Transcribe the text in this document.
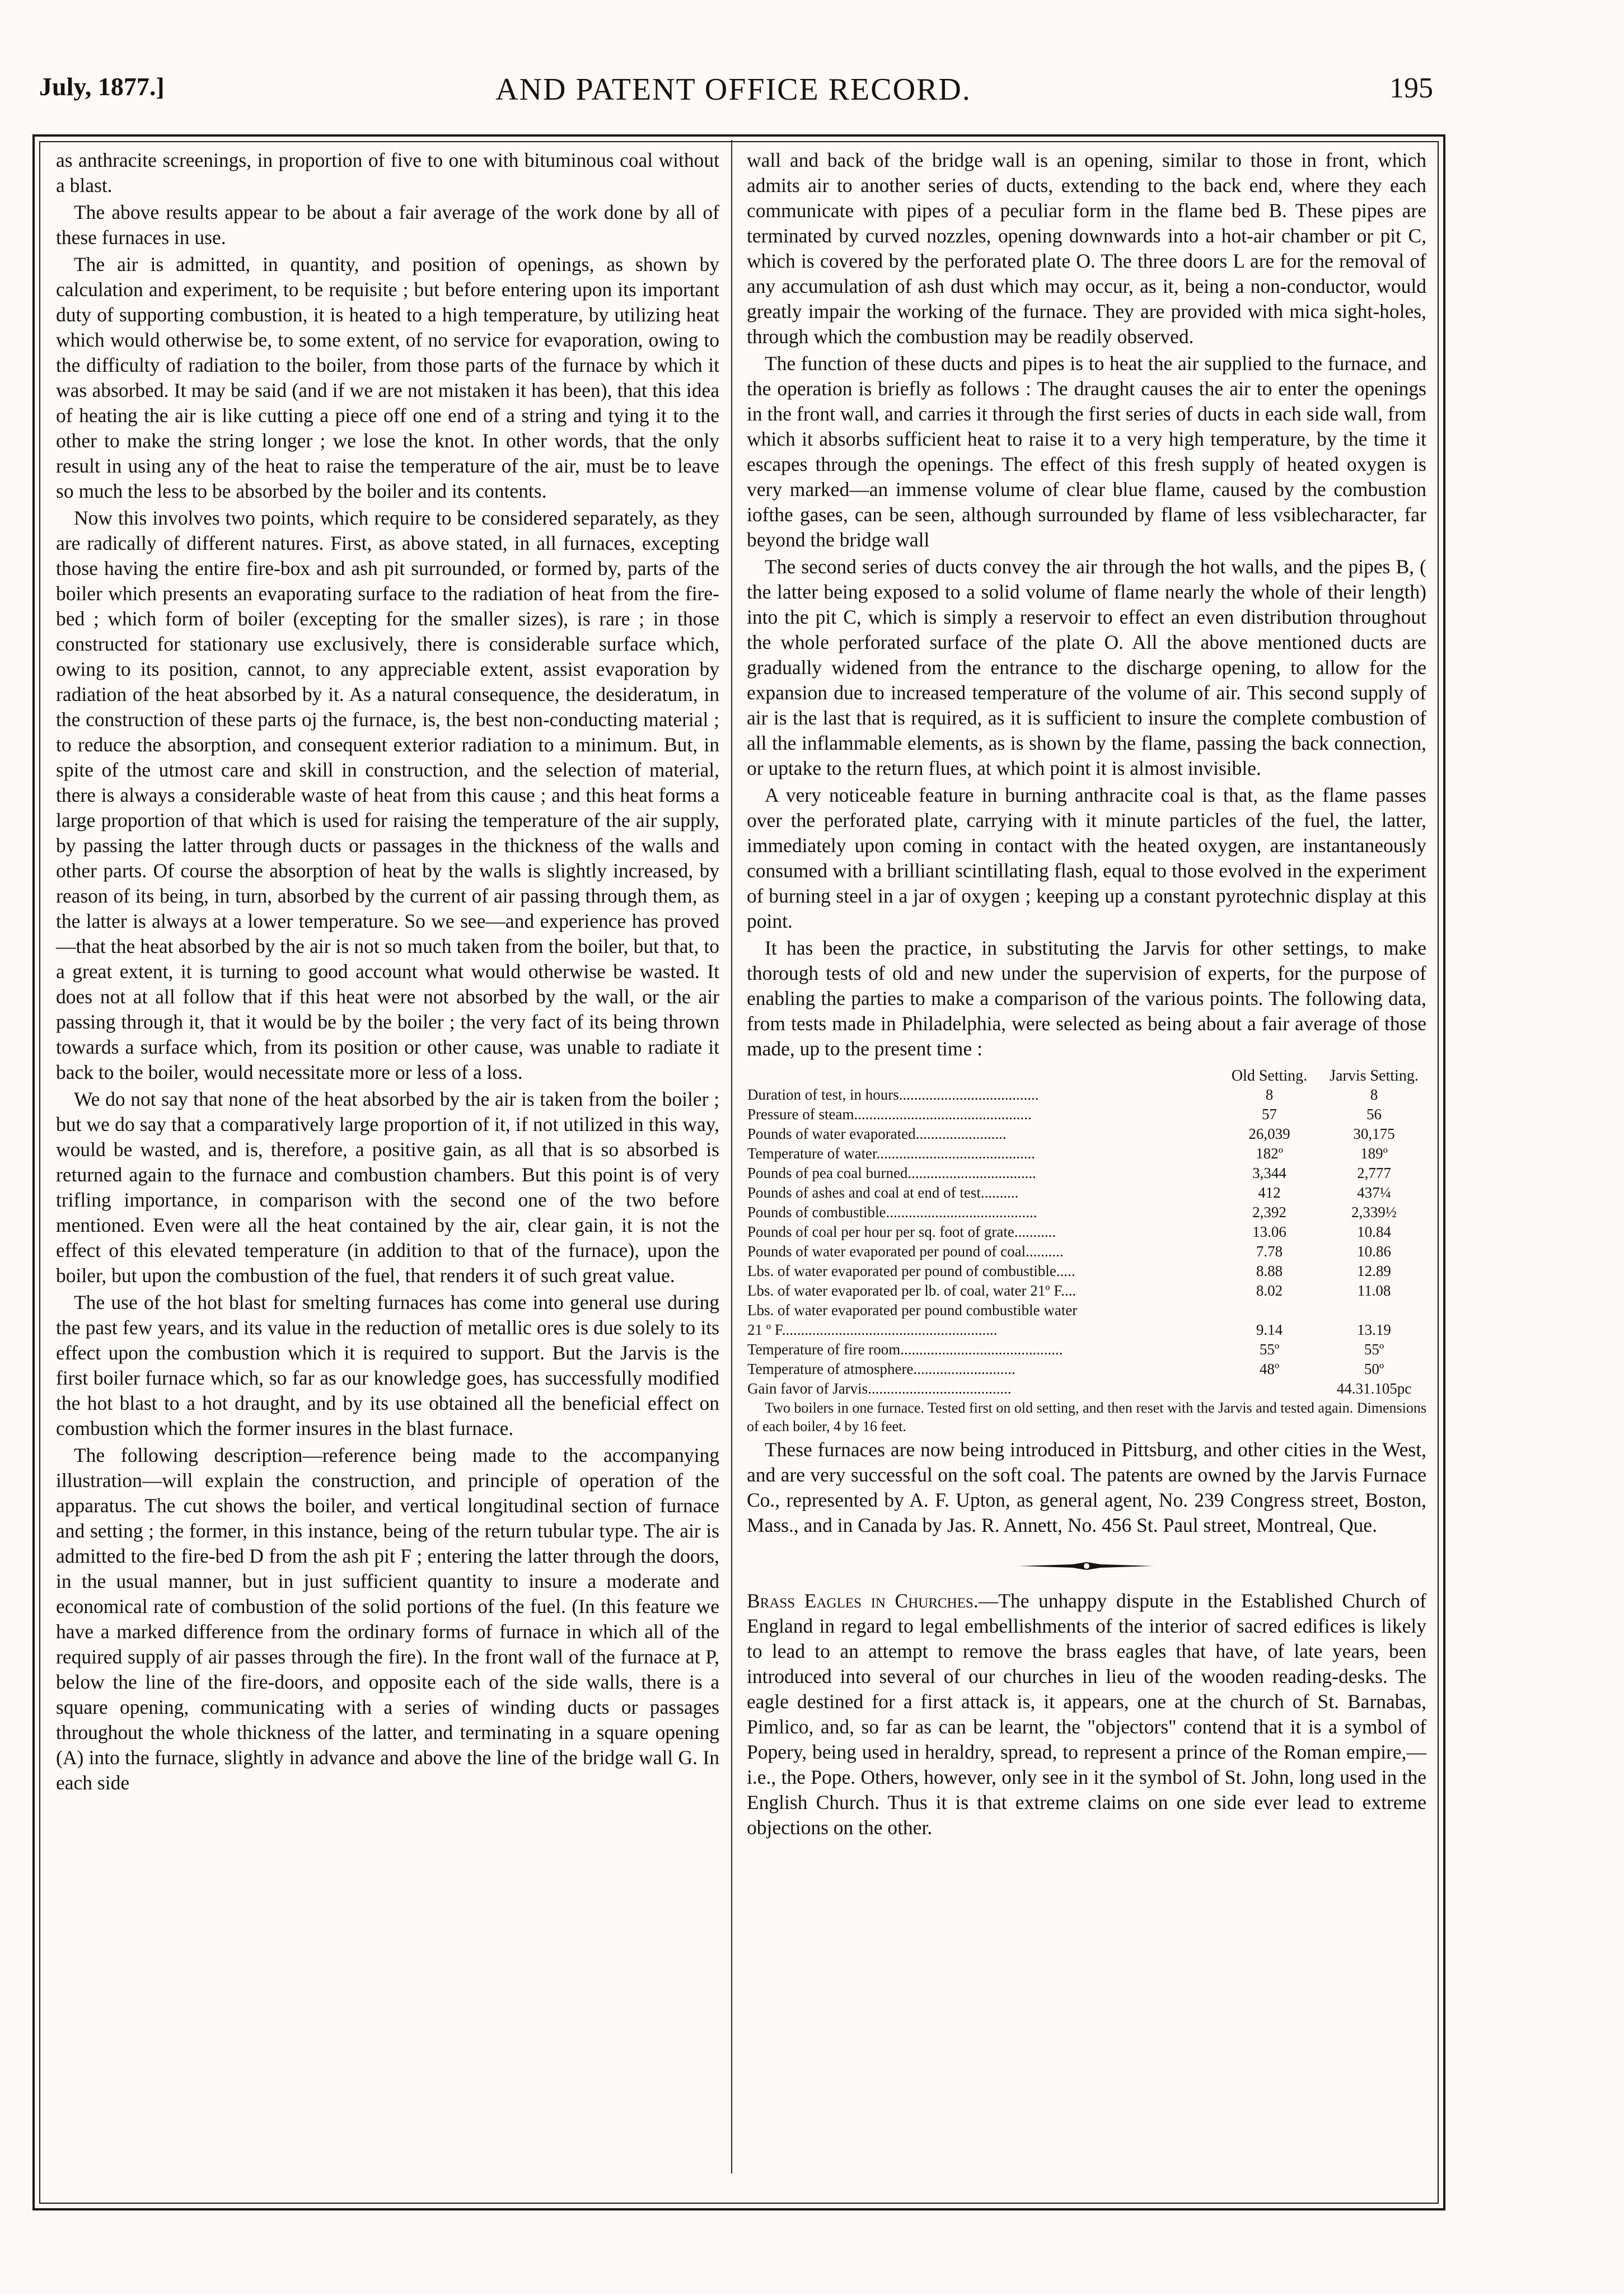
July, 1877.]	AND PATENT OFFICE RECORD.	195

as anthracite screenings, in proportion of five to one with bituminous coal without a blast.

The above results appear to be about a fair average of the work done by all of these furnaces in use.

The air is admitted, in quantity, and position of openings, as shown by calculation and experiment, to be requisite ; but before entering upon its important duty of supporting combustion, it is heated to a high temperature, by utilizing heat which would otherwise be, to some extent, of no service for evaporation, owing to the difficulty of radiation to the boiler, from those parts of the furnace by which it was absorbed. It may be said (and if we are not mistaken it has been), that this idea of heating the air is like cutting a piece off one end of a string and tying it to the other to make the string longer ; we lose the knot. In other words, that the only result in using any of the heat to raise the temperature of the air, must be to leave so much the less to be absorbed by the boiler and its contents.

Now this involves two points, which require to be considered separately, as they are radically of different natures. First, as above stated, in all furnaces, excepting those having the entire fire-box and ash pit surrounded, or formed by, parts of the boiler which presents an evaporating surface to the radiation of heat from the fire-bed ; which form of boiler (excepting for the smaller sizes), is rare ; in those constructed for stationary use exclusively, there is considerable surface which, owing to its position, cannot, to any appreciable extent, assist evaporation by radiation of the heat absorbed by it. As a natural consequence, the desideratum, in the construction of these parts oj the furnace, is, the best non-conducting material ; to reduce the absorption, and consequent exterior radiation to a minimum. But, in spite of the utmost care and skill in construction, and the selection of material, there is always a considerable waste of heat from this cause ; and this heat forms a large proportion of that which is used for raising the temperature of the air supply, by passing the latter through ducts or passages in the thickness of the walls and other parts. Of course the absorption of heat by the walls is slightly increased, by reason of its being, in turn, absorbed by the current of air passing through them, as the latter is always at a lower temperature. So we see—and experience has proved—that the heat absorbed by the air is not so much taken from the boiler, but that, to a great extent, it is turning to good account what would otherwise be wasted. It does not at all follow that if this heat were not absorbed by the wall, or the air passing through it, that it would be by the boiler ; the very fact of its being thrown towards a surface which, from its position or other cause, was unable to radiate it back to the boiler, would necessitate more or less of a loss.

We do not say that none of the heat absorbed by the air is taken from the boiler ; but we do say that a comparatively large proportion of it, if not utilized in this way, would be wasted, and is, therefore, a positive gain, as all that is so absorbed is returned again to the furnace and combustion chambers. But this point is of very trifling importance, in comparison with the second one of the two before mentioned. Even were all the heat contained by the air, clear gain, it is not the effect of this elevated temperature (in addition to that of the furnace), upon the boiler, but upon the combustion of the fuel, that renders it of such great value.

The use of the hot blast for smelting furnaces has come into general use during the past few years, and its value in the reduction of metallic ores is due solely to its effect upon the combustion which it is required to support. But the Jarvis is the first boiler furnace which, so far as our knowledge goes, has successfully modified the hot blast to a hot draught, and by its use obtained all the beneficial effect on combustion which the former insures in the blast furnace.

The following description—reference being made to the accompanying illustration—will explain the construction, and principle of operation of the apparatus. The cut shows the boiler, and vertical longitudinal section of furnace and setting ; the former, in this instance, being of the return tubular type. The air is admitted to the fire-bed D from the ash pit F ; entering the latter through the doors, in the usual manner, but in just sufficient quantity to insure a moderate and economical rate of combustion of the solid portions of the fuel. (In this feature we have a marked difference from the ordinary forms of furnace in which all of the required supply of air passes through the fire). In the front wall of the furnace at P, below the line of the fire-doors, and opposite each of the side walls, there is a square opening, communicating with a series of winding ducts or passages throughout the whole thickness of the latter, and terminating in a square opening (A) into the furnace, slightly in advance and above the line of the bridge wall G. In each side

wall and back of the bridge wall is an opening, similar to those in front, which admits air to another series of ducts, extending to the back end, where they each communicate with pipes of a peculiar form in the flame bed B. These pipes are terminated by curved nozzles, opening downwards into a hot-air chamber or pit C, which is covered by the perforated plate O. The three doors L are for the removal of any accumulation of ash dust which may occur, as it, being a non-conductor, would greatly impair the working of the furnace. They are provided with mica sight-holes, through which the combustion may be readily observed.

The function of these ducts and pipes is to heat the air supplied to the furnace, and the operation is briefly as follows : The draught causes the air to enter the openings in the front wall, and carries it through the first series of ducts in each side wall, from which it absorbs sufficient heat to raise it to a very high temperature, by the time it escapes through the openings. The effect of this fresh supply of heated oxygen is very marked—an immense volume of clear blue flame, caused by the combustion iofthe gases, can be seen, although surrounded by flame of less vsiblecharacter, far beyond the bridge wall

The second series of ducts convey the air through the hot walls, and the pipes B, ( the latter being exposed to a solid volume of flame nearly the whole of their length) into the pit C, which is simply a reservoir to effect an even distribution throughout the whole perforated surface of the plate O. All the above mentioned ducts are gradually widened from the entrance to the discharge opening, to allow for the expansion due to increased temperature of the volume of air. This second supply of air is the last that is required, as it is sufficient to insure the complete combustion of all the inflammable elements, as is shown by the flame, passing the back connection, or uptake to the return flues, at which point it is almost invisible.

A very noticeable feature in burning anthracite coal is that, as the flame passes over the perforated plate, carrying with it minute particles of the fuel, the latter, immediately upon coming in contact with the heated oxygen, are instantaneously consumed with a brilliant scintillating flash, equal to those evolved in the experiment of burning steel in a jar of oxygen ; keeping up a constant pyrotechnic display at this point.

It has been the practice, in substituting the Jarvis for other settings, to make thorough tests of old and new under the supervision of experts, for the purpose of enabling the parties to make a comparison of the various points. The following data, from tests made in Philadelphia, were selected as being about a fair average of those made, up to the present time :

	Old Setting.	Jarvis Setting.
Duration of test, in hours.....................................	8	8
Pressure of steam...............................................	57	56
Pounds of water evaporated........................	26,039	30,175
Temperature of water..........................................	182º	189º
Pounds of pea coal burned..................................	3,344	2,777
Pounds of ashes and coal at end of test..........	412	437¼
Pounds of combustible........................................	2,392	2,339½
Pounds of coal per hour per sq. foot of grate...........	13.06	10.84
Pounds of water evaporated per pound of coal..........	7.78	10.86
Lbs. of water evaporated per pound of combustible.....	8.88	12.89
Lbs. of water evaporated per lb. of coal, water 21º F....	8.02	11.08
Lbs. of water evaporated per pound combustible water		
21 º F.........................................................	9.14	13.19
Temperature of fire room...........................................	55º	55º
Temperature of atmosphere...........................	48º	50º
Gain favor of Jarvis......................................		44.31.105pc

Two boilers in one furnace. Tested first on old setting, and then reset with the Jarvis and tested again. Dimensions of each boiler, 4 by 16 feet.

These furnaces are now being introduced in Pittsburg, and other cities in the West, and are very successful on the soft coal. The patents are owned by the Jarvis Furnace Co., represented by A. F. Upton, as general agent, No. 239 Congress street, Boston, Mass., and in Canada by Jas. R. Annett, No. 456 St. Paul street, Montreal, Que.

Brass Eagles in Churches.—The unhappy dispute in the Established Church of England in regard to legal embellishments of the interior of sacred edifices is likely to lead to an attempt to remove the brass eagles that have, of late years, been introduced into several of our churches in lieu of the wooden reading-desks. The eagle destined for a first attack is, it appears, one at the church of St. Barnabas, Pimlico, and, so far as can be learnt, the "objectors" contend that it is a symbol of Popery, being used in heraldry, spread, to represent a prince of the Roman empire,—i.e., the Pope. Others, however, only see in it the symbol of St. John, long used in the English Church. Thus it is that extreme claims on one side ever lead to extreme objections on the other.
